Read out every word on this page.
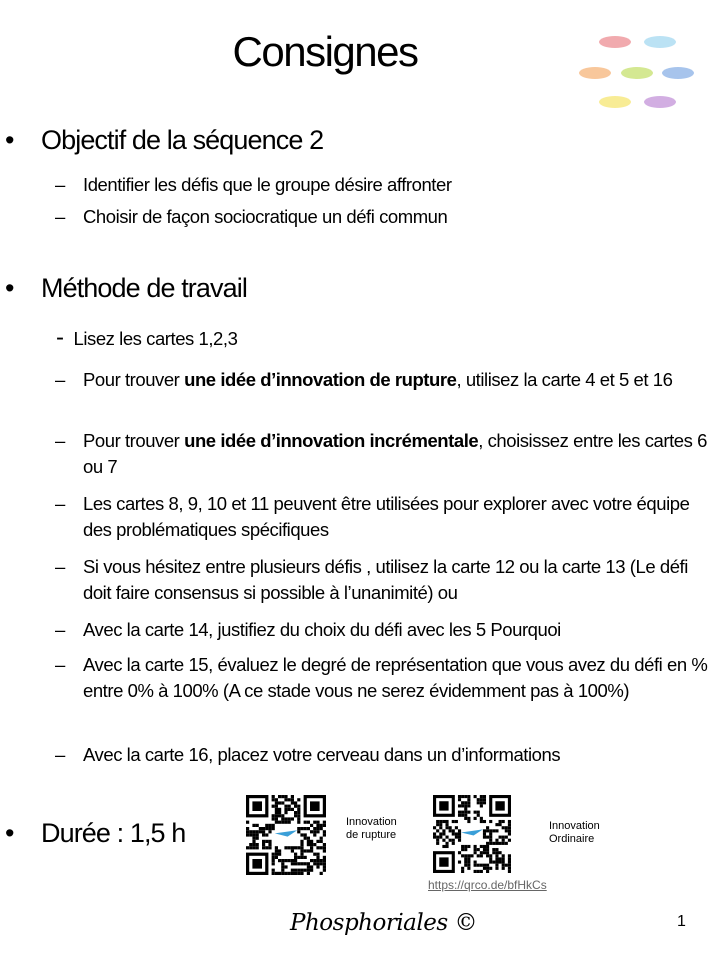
Consignes
• Objectif de la séquence 2
– Identifier les défis que le groupe désire affronter
– Choisir de façon sociocratique un défi commun
• Méthode de travail
- Lisez les cartes 1,2,3
– Pour trouver une idée d’innovation de rupture, utilisez la carte 4 et 5 et 16
– Pour trouver une idée d’innovation incrémentale, choisissez entre les cartes 6 ou 7
– Les cartes 8, 9, 10 et 11 peuvent être utilisées pour explorer avec votre équipe des problématiques spécifiques
– Si vous hésitez entre plusieurs défis , utilisez la carte 12 ou la carte 13 (Le défi doit faire consensus si possible à l’unanimité) ou
– Avec la carte 14, justifiez du choix du défi avec les 5 Pourquoi
– Avec la carte 15, évaluez le degré de représentation que vous avez du défi en % entre 0% à 100% (A ce stade vous ne serez évidemment pas à 100%)
– Avec la carte 16, placez votre cerveau dans un d’informations
• Durée : 1,5 h	Innovation
de rupture
Innovation
Ordinaire
https://qrco.de/bfHkCs
Phosphoriales ©	1
